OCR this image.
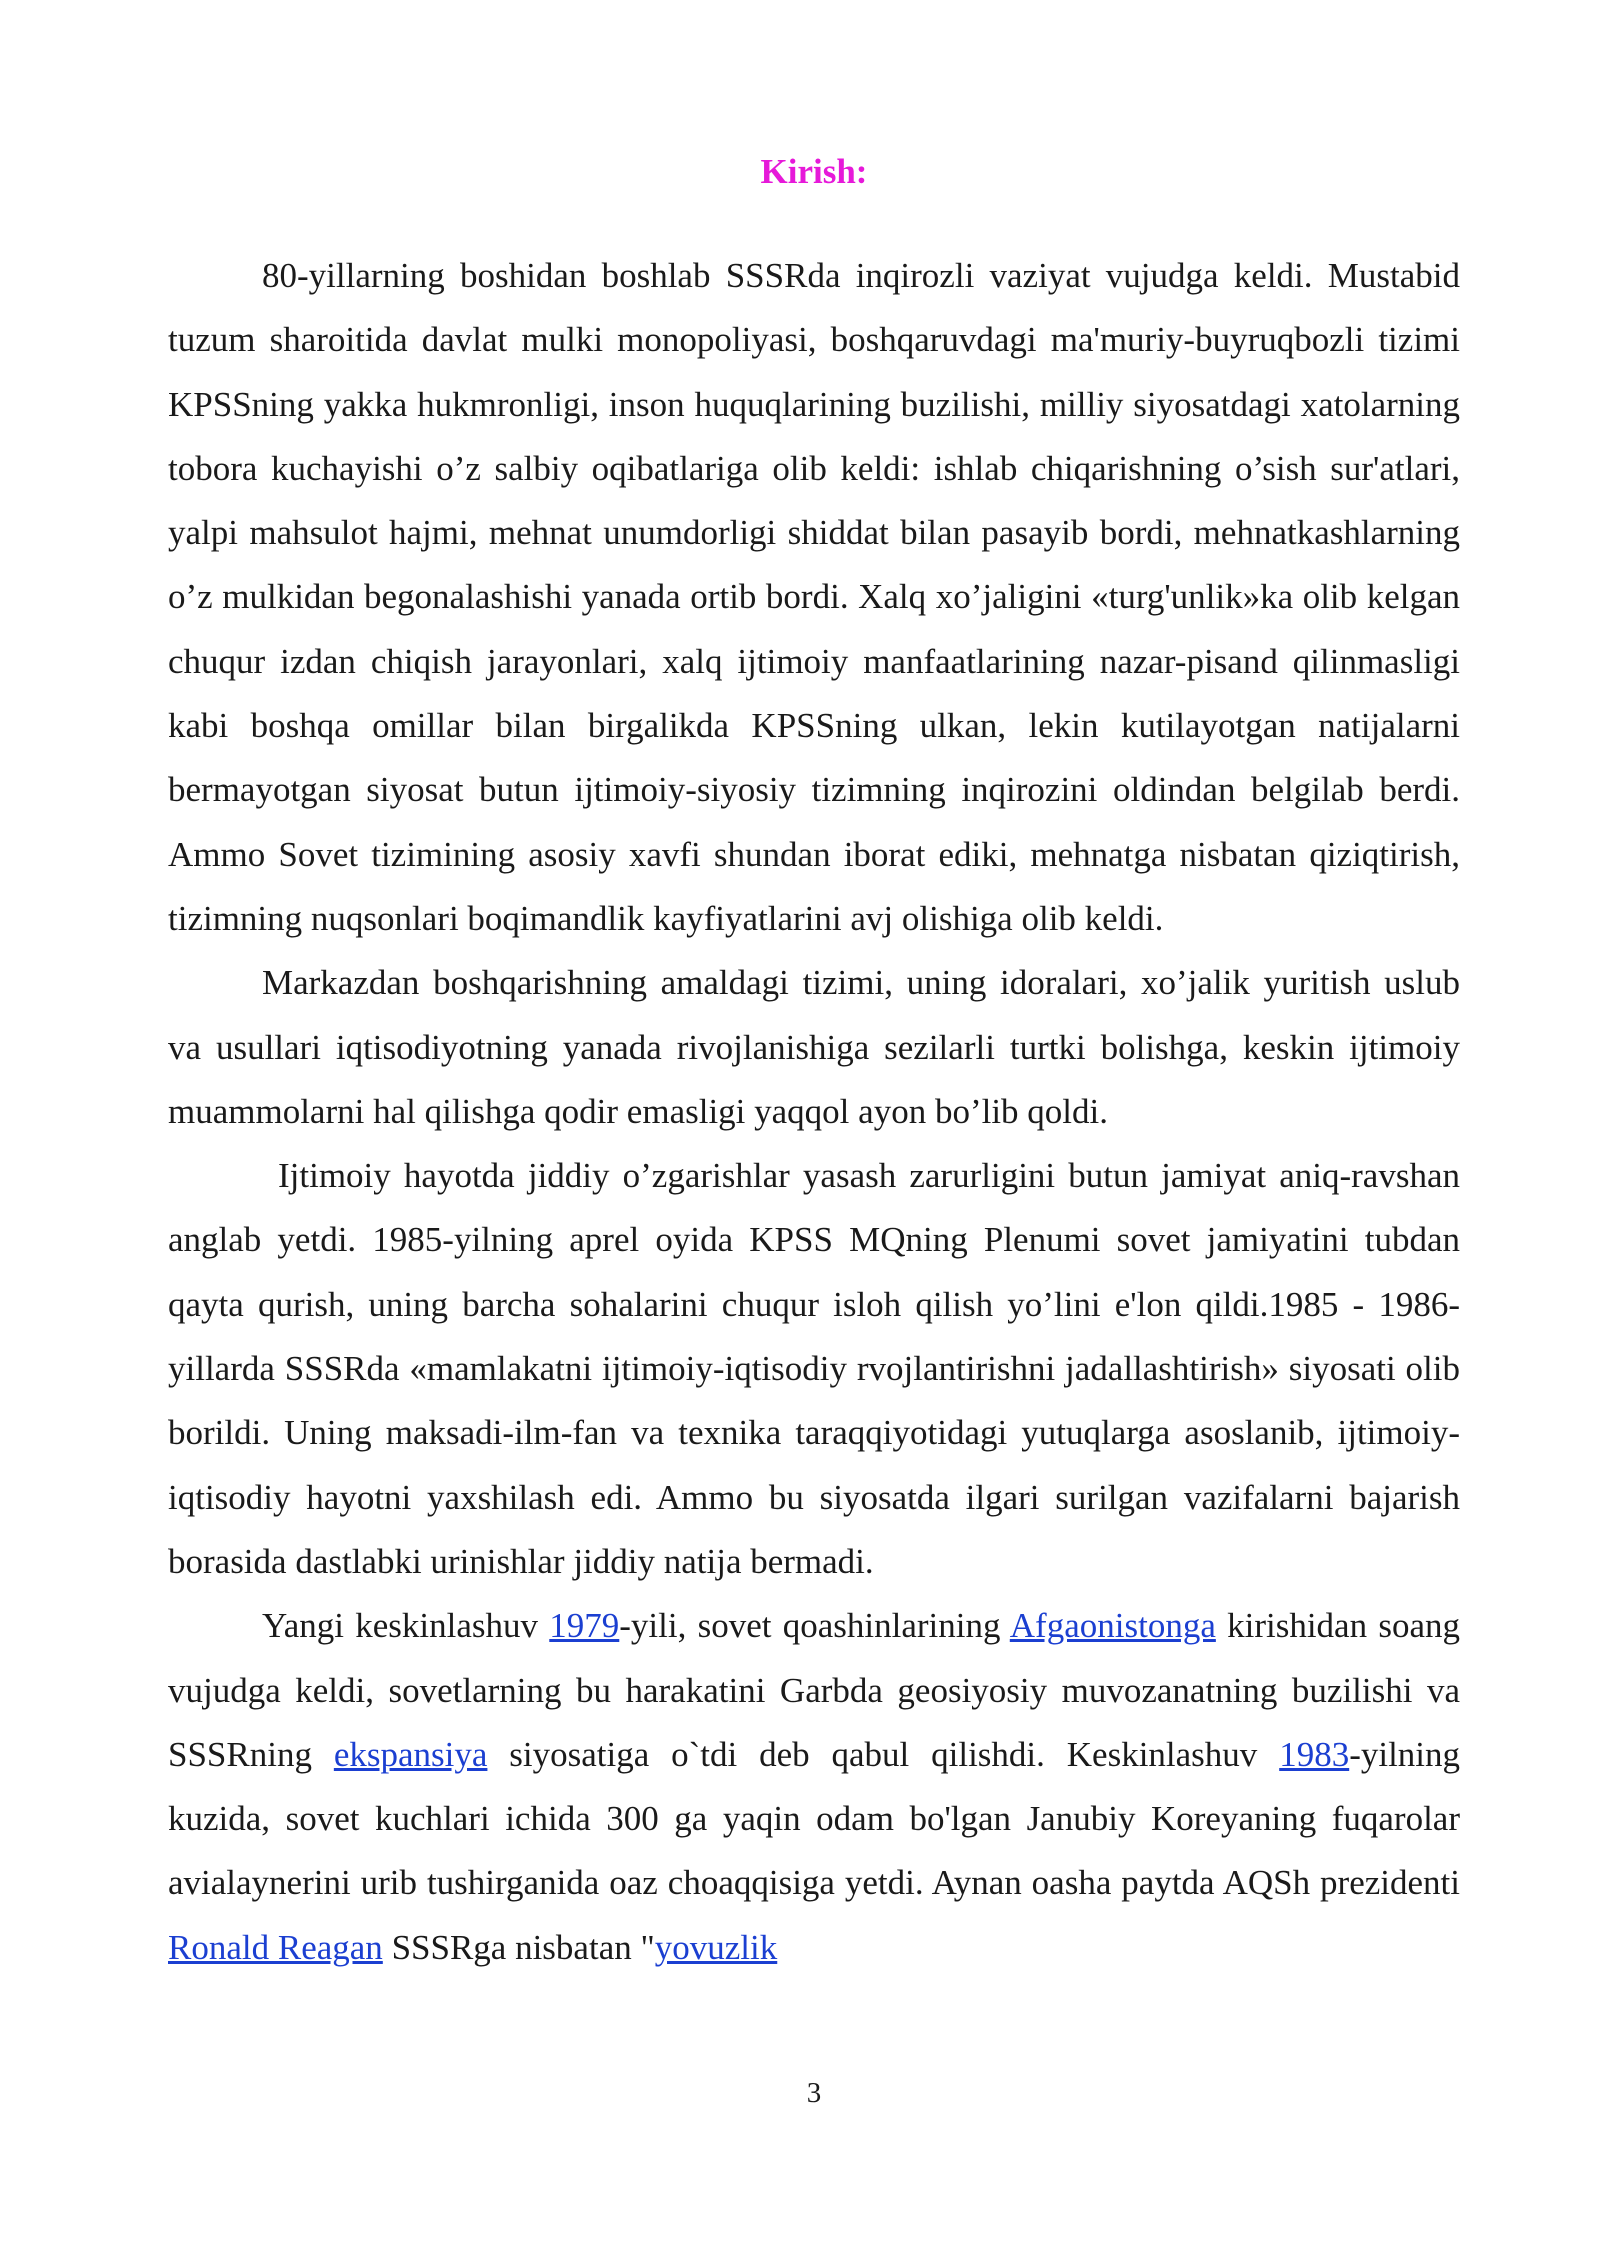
Kirish:

80-yillarning boshidan boshlab SSSRda inqirozli vaziyat vujudga keldi. Mustabid tuzum sharoitida davlat mulki monopoliyasi, boshqaruvdagi ma'muriy-buyruqbozli tizimi KPSSning yakka hukmronligi, inson huquqlarining buzilishi, milliy siyosatdagi xatolarning tobora kuchayishi o’z salbiy oqibatlariga olib keldi: ishlab chiqarishning o’sish sur'atlari, yalpi mahsulot hajmi, mehnat unumdorligi shiddat bilan pasayib bordi, mehnatkashlarning o’z mulkidan begonalashishi yanada ortib bordi. Xalq xo’jaligini «turg'unlik»ka olib kelgan chuqur izdan chiqish jarayonlari, xalq ijtimoiy manfaatlarining nazar-pisand qilinmasligi kabi boshqa omillar bilan birgalikda KPSSning ulkan, lekin kutilayotgan natijalarni bermayotgan siyosat butun ijtimoiy-siyosiy tizimning inqirozini oldindan belgilab berdi. Ammo Sovet tizimining asosiy xavfi shundan iborat ediki, mehnatga nisbatan qiziqtirish, tizimning nuqsonlari boqimandlik kayfiyatlarini avj olishiga olib keldi.

Markazdan boshqarishning amaldagi tizimi, uning idoralari, xo’jalik yuritish uslub va usullari iqtisodiyotning yanada rivojlanishiga sezilarli turtki bolishga, keskin ijtimoiy muammolarni hal qilishga qodir emasligi yaqqol ayon bo’lib qoldi.

Ijtimoiy hayotda jiddiy o’zgarishlar yasash zarurligini butun jamiyat aniq-ravshan anglab yetdi. 1985-yilning aprel oyida KPSS MQning Plenumi sovet jamiyatini tubdan qayta qurish, uning barcha sohalarini chuqur isloh qilish yo’lini e'lon qildi.1985 - 1986-yillarda SSSRda «mamlakatni ijtimoiy-iqtisodiy rvojlantirishni jadallashtirish» siyosati olib borildi. Uning maksadi-ilm-fan va texnika taraqqiyotidagi yutuqlarga asoslanib, ijtimoiy-iqtisodiy hayotni yaxshilash edi. Ammo bu siyosatda ilgari surilgan vazifalarni bajarish borasida dastlabki urinishlar jiddiy natija bermadi.

Yangi keskinlashuv 1979-yili, sovet qoashinlarining Afgaonistonga kirishidan soang vujudga keldi, sovetlarning bu harakatini Garbda geosiyosiy muvozanatning buzilishi va SSSRning ekspansiya siyosatiga o`tdi deb qabul qilishdi. Keskinlashuv 1983-yilning kuzida, sovet kuchlari ichida 300 ga yaqin odam bo'lgan Janubiy Koreyaning fuqarolar avialaynerini urib tushirganida oaz choaqqisiga yetdi. Aynan oasha paytda AQSh prezidenti Ronald Reagan SSSRga nisbatan "yovuzlik

3
